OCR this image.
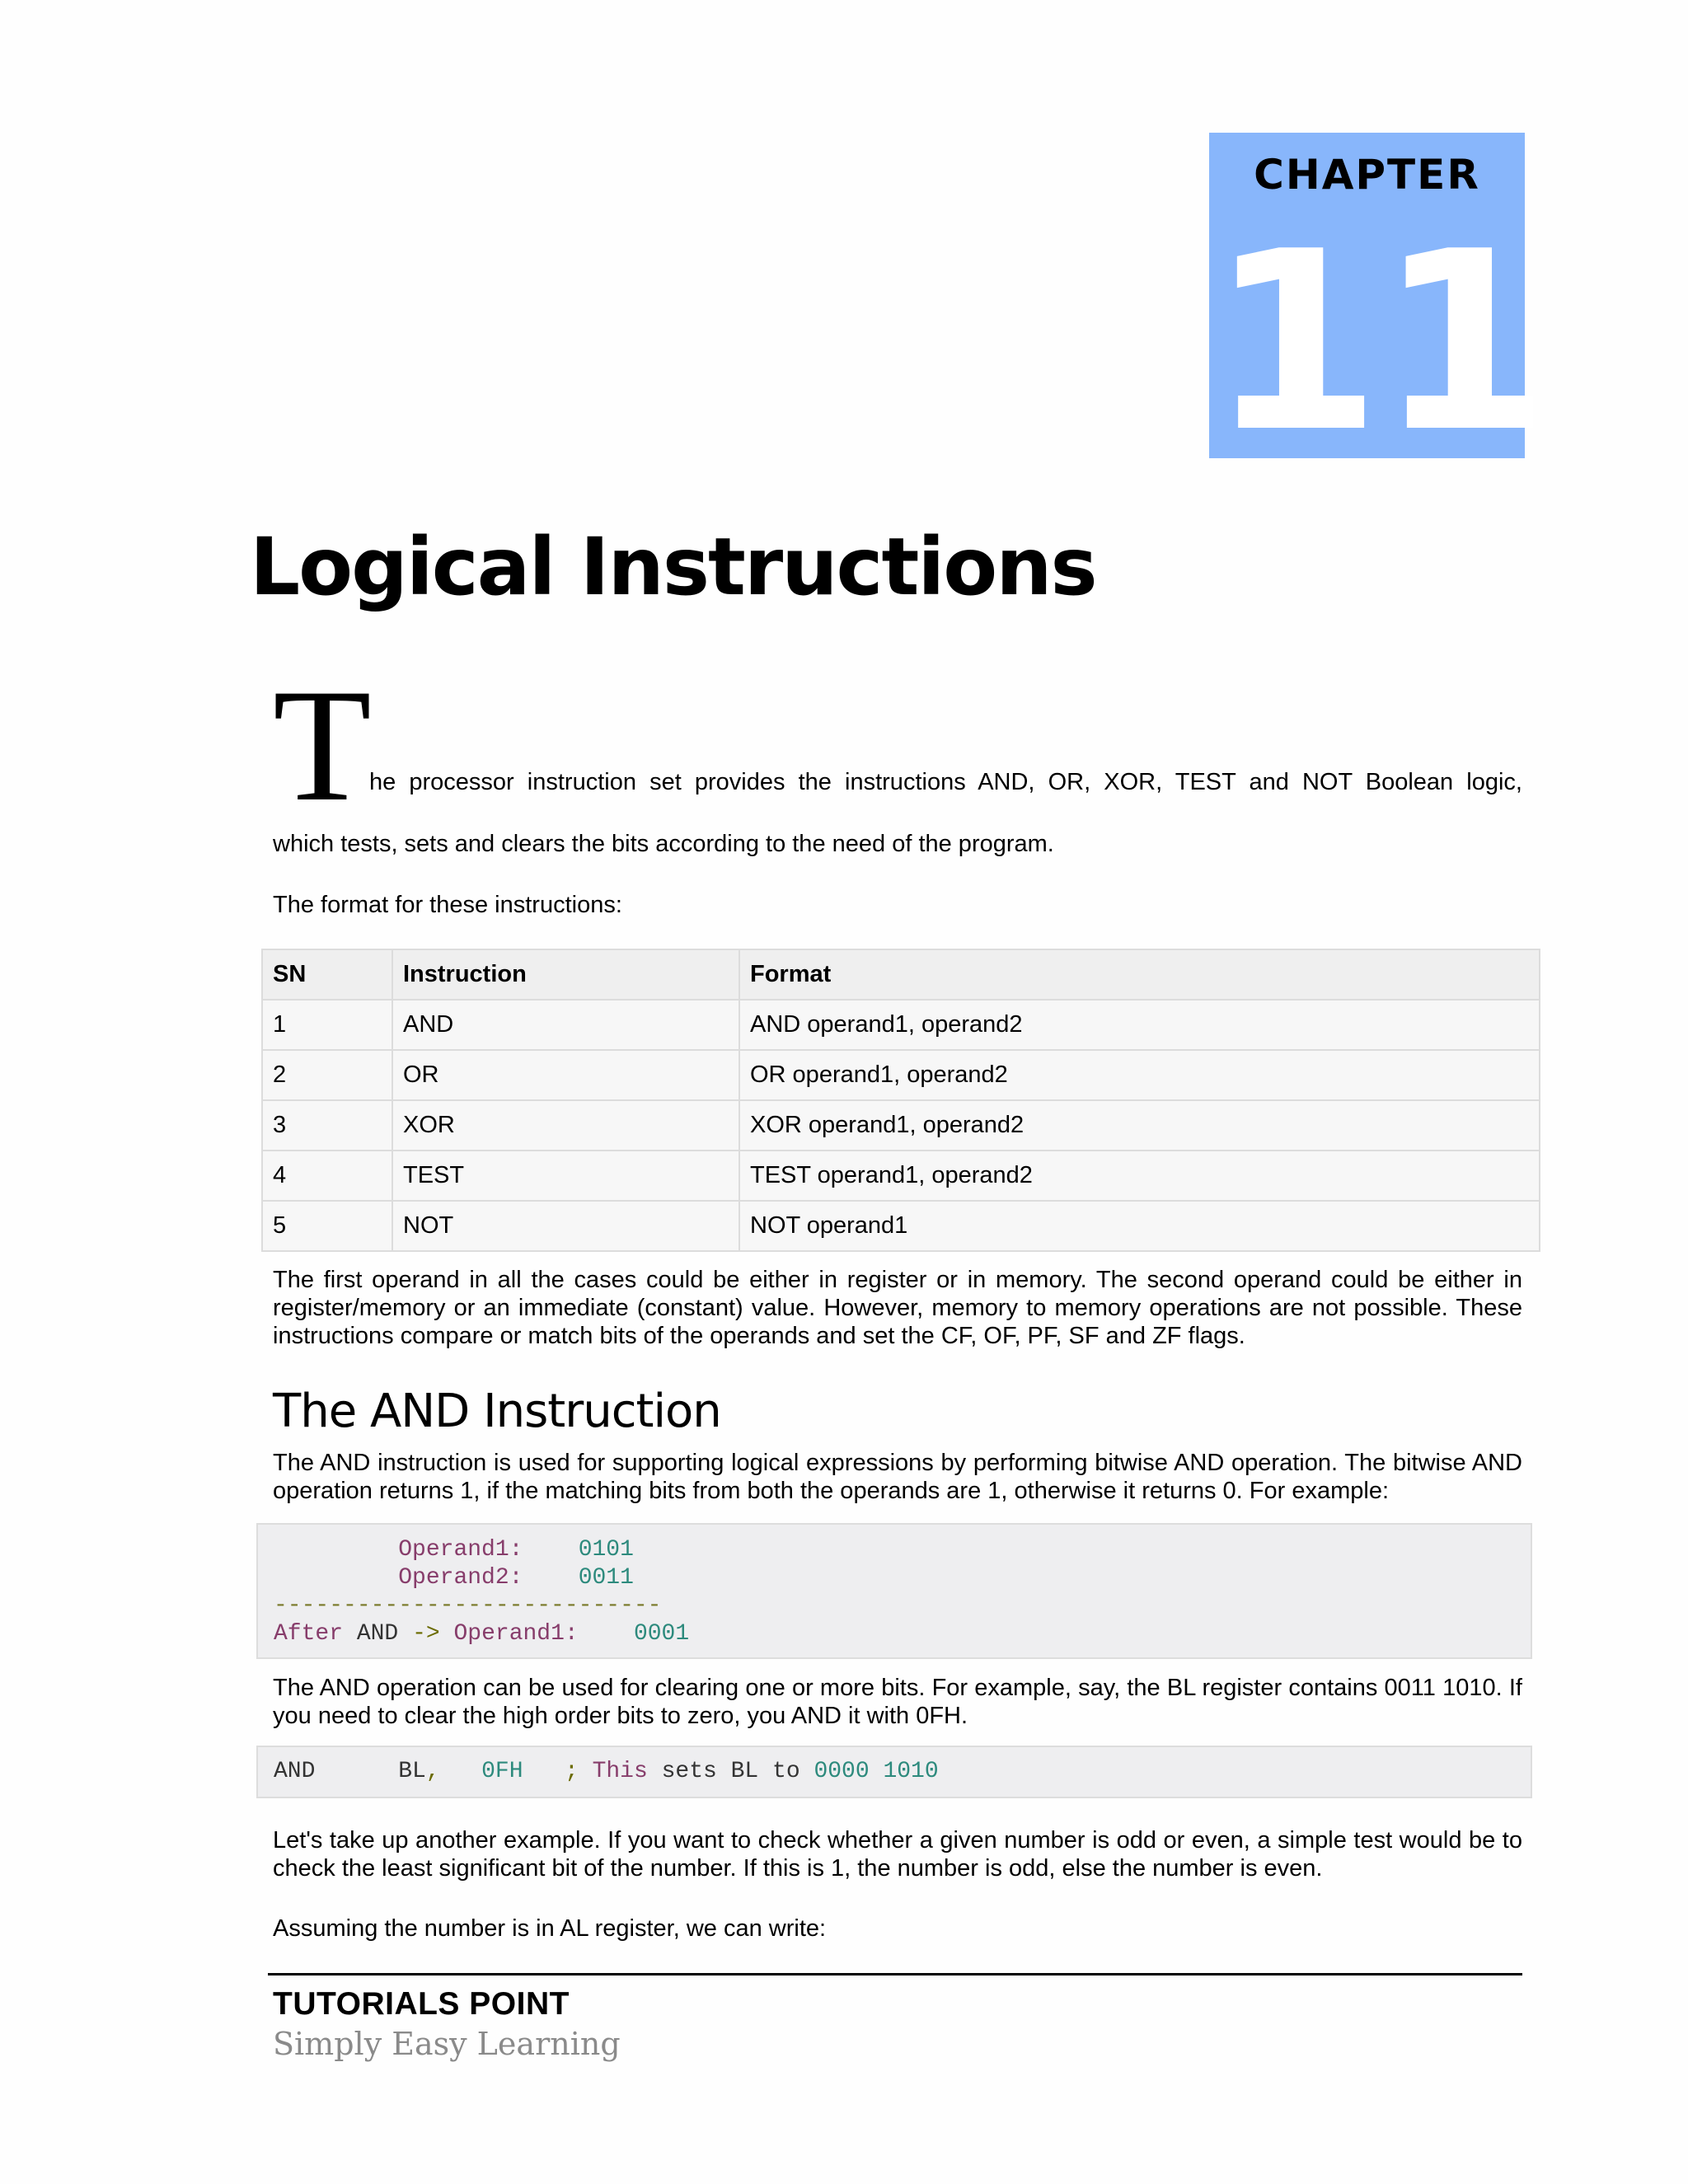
CHAPTER
11
Logical Instructions
T
he processor instruction set provides the instructions AND, OR, XOR, TEST and NOT Boolean logic,
which tests, sets and clears the bits according to the need of the program.
The format for these instructions:
SN	Instruction	Format
1	AND	AND operand1, operand2
2	OR	OR operand1, operand2
3	XOR	XOR operand1, operand2
4	TEST	TEST operand1, operand2
5	NOT	NOT operand1
The first operand in all the cases could be either in register or in memory. The second operand could be either in register/memory or an immediate (constant) value. However, memory to memory operations are not possible. These instructions compare or match bits of the operands and set the CF, OF, PF, SF and ZF flags.
The AND Instruction
The AND instruction is used for supporting logical expressions by performing bitwise AND operation. The bitwise AND operation returns 1, if the matching bits from both the operands are 1, otherwise it returns 0. For example:
Operand1: 0101
Operand2: 0011
----------------------------
After AND -> Operand1: 0001
The AND operation can be used for clearing one or more bits. For example, say, the BL register contains 0011 1010. If you need to clear the high order bits to zero, you AND it with 0FH.
AND	BL, 0FH ; This sets BL to 0000 1010
Let's take up another example. If you want to check whether a given number is odd or even, a simple test would be to check the least significant bit of the number. If this is 1, the number is odd, else the number is even.
Assuming the number is in AL register, we can write:
TUTORIALS POINT
Simply Easy Learning
